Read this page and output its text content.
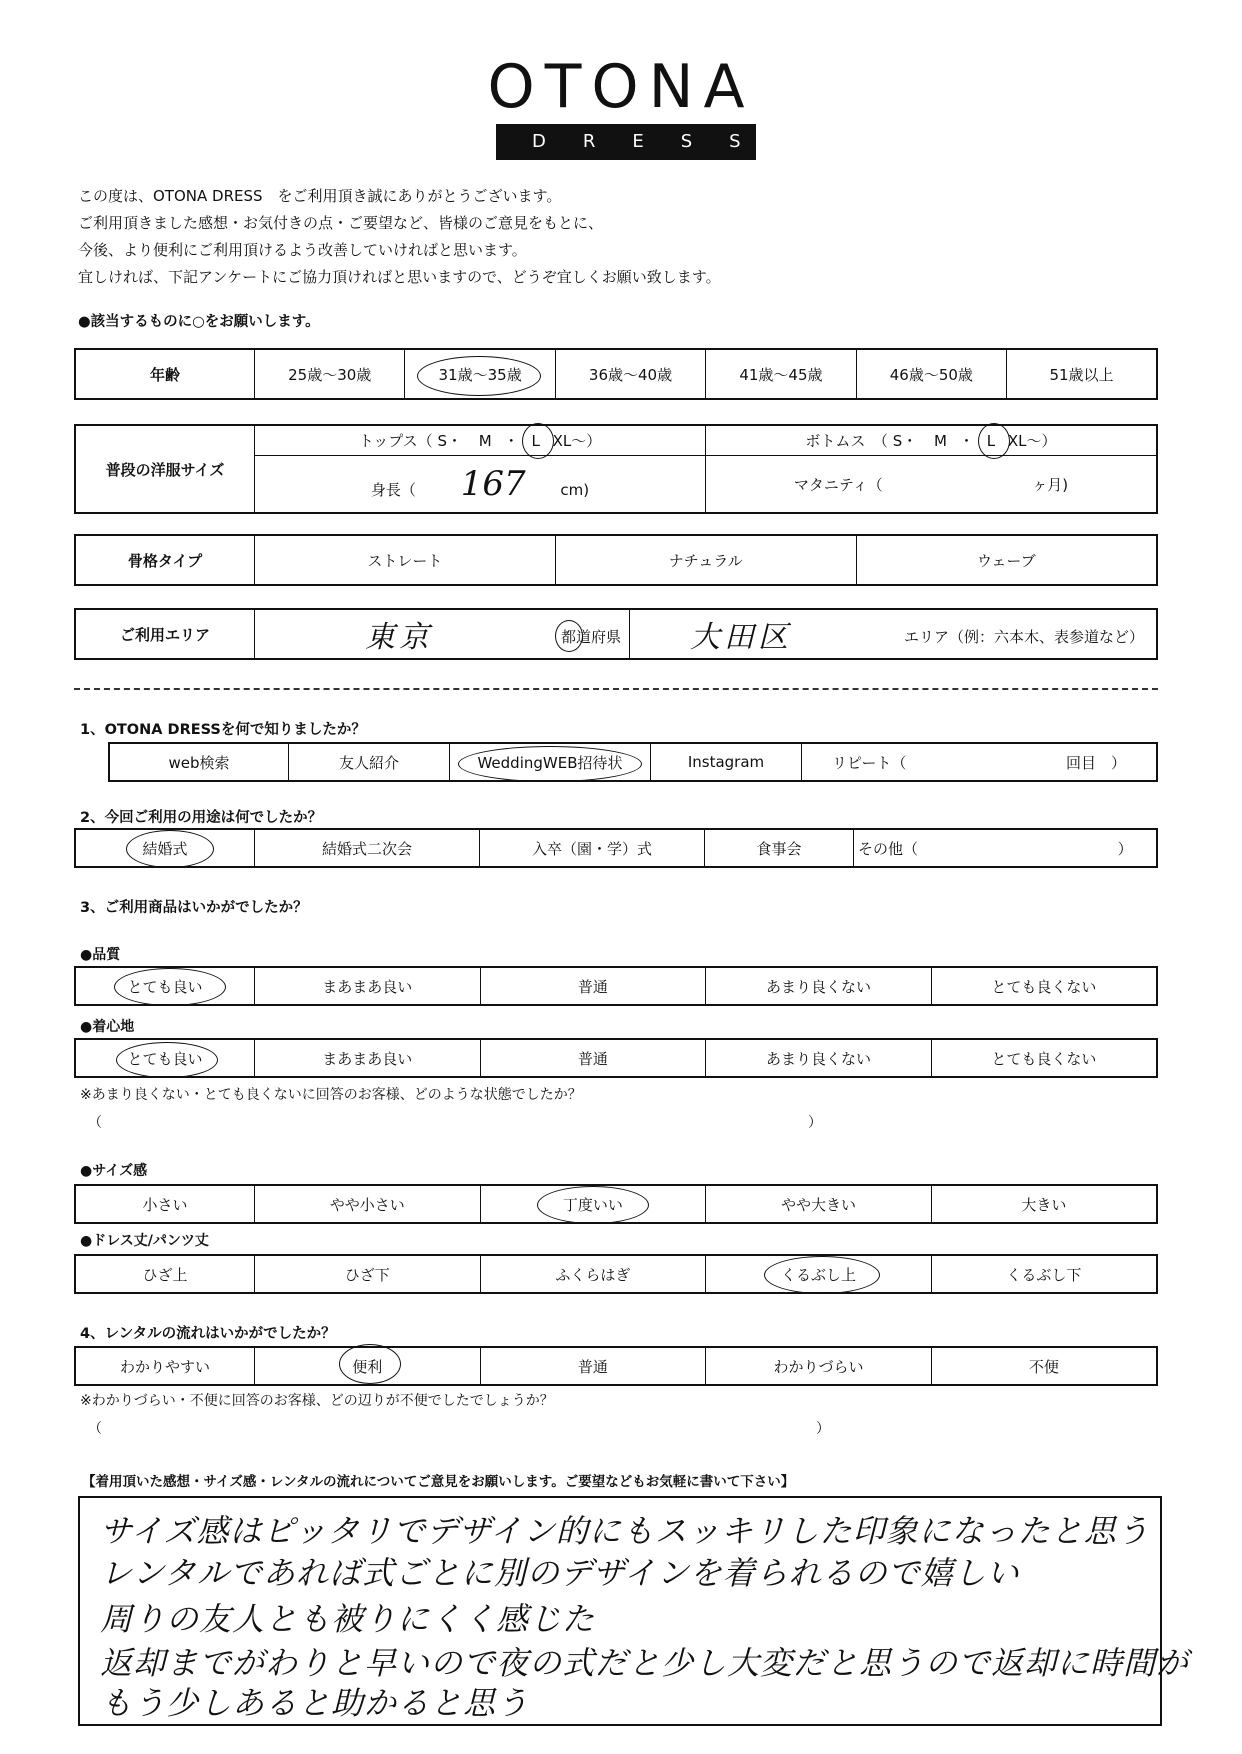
OTONA
DRESS
この度は、OTONA DRESS　をご利用頂き誠にありがとうございます。
ご利用頂きました感想・お気付きの点・ご要望など、皆様のご意見をもとに、
今後、より便利にご利用頂けるよう改善していければと思います。
宜しければ、下記アンケートにご協力頂ければと思いますので、どうぞ宜しくお願い致します。
●該当するものに○をお願いします。
年齢	25歳～30歳	31歳～35歳	36歳～40歳	41歳～45歳	46歳～50歳	51歳以上
普段の洋服サイズ	トップス（ S・ M ・ L XL～）	ボトムス　（ S・ M ・ L XL～）
	身長（ 167 cm)	マタニティ（ ヶ月)
骨格タイプ	ストレート	ナチュラル	ウェーブ
ご利用エリア	東京	都道府県	大田区	エリア（例：六本木、表参道など）
1、OTONA DRESSを何で知りましたか？
web検索	友人紹介	WeddingWEB招待状	Instagram	リピート（	回目　）
2、今回ご利用の用途は何でしたか？
結婚式	結婚式二次会	入卒（園・学）式	食事会	その他（	）
3、ご利用商品はいかがでしたか？
●品質
とても良い	まあまあ良い	普通	あまり良くない	とても良くない
●着心地
とても良い	まあまあ良い	普通	あまり良くない	とても良くない
※あまり良くない・とても良くないに回答のお客様、どのような状態でしたか？
（	）
●サイズ感
小さい	やや小さい	丁度いい	やや大きい	大きい
●ドレス丈/パンツ丈
ひざ上	ひざ下	ふくらはぎ	くるぶし上	くるぶし下
4、レンタルの流れはいかがでしたか？
わかりやすい	便利	普通	わかりづらい	不便
※わかりづらい・不便に回答のお客様、どの辺りが不便でしたでしょうか？
（	）
【着用頂いた感想・サイズ感・レンタルの流れについてご意見をお願いします。ご要望などもお気軽に書いて下さい】
サイズ感はピッタリでデザイン的にもスッキリした印象になったと思う
レンタルであれば式ごとに別のデザインを着られるので嬉しい
周りの友人とも被りにくく感じた
返却までがわりと早いので夜の式だと少し大変だと思うので返却に時間が
もう少しあると助かると思う
